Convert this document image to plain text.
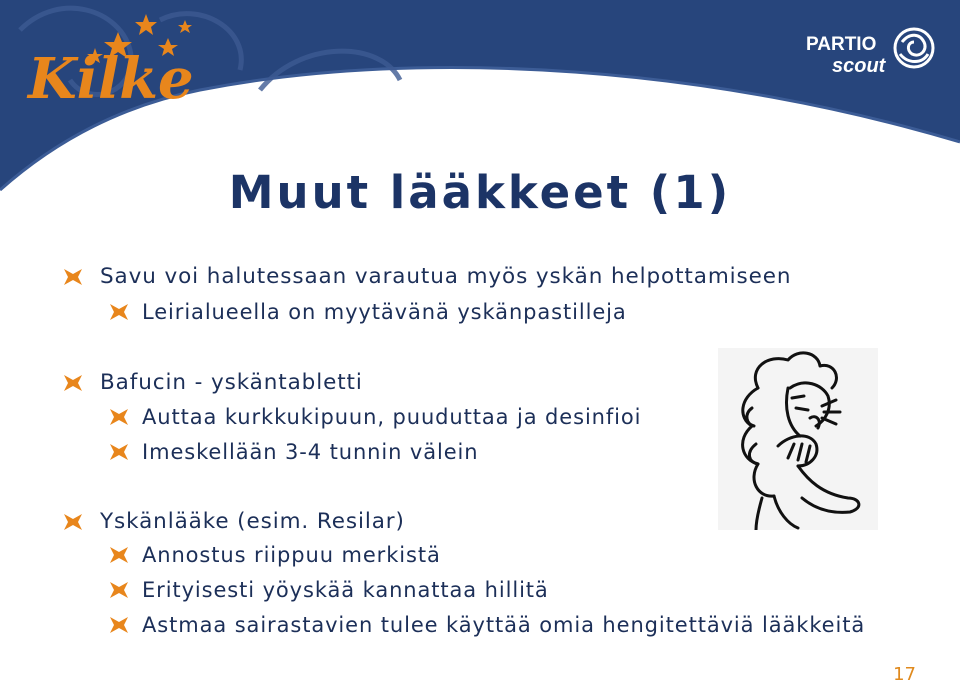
Kilke
PARTIO
scout
Muut lääkkeet (1)
Savu voi halutessaan varautua myös yskän helpottamiseen
Leirialueella on myytävänä yskänpastilleja
Bafucin - yskäntabletti
Auttaa kurkkukipuun, puuduttaa ja desinfioi
Imeskellään 3-4 tunnin välein
Yskänlääke (esim. Resilar)
Annostus riippuu merkistä
Erityisesti yöyskää kannattaa hillitä
Astmaa sairastavien tulee käyttää omia hengitettäviä lääkkeitä
17
